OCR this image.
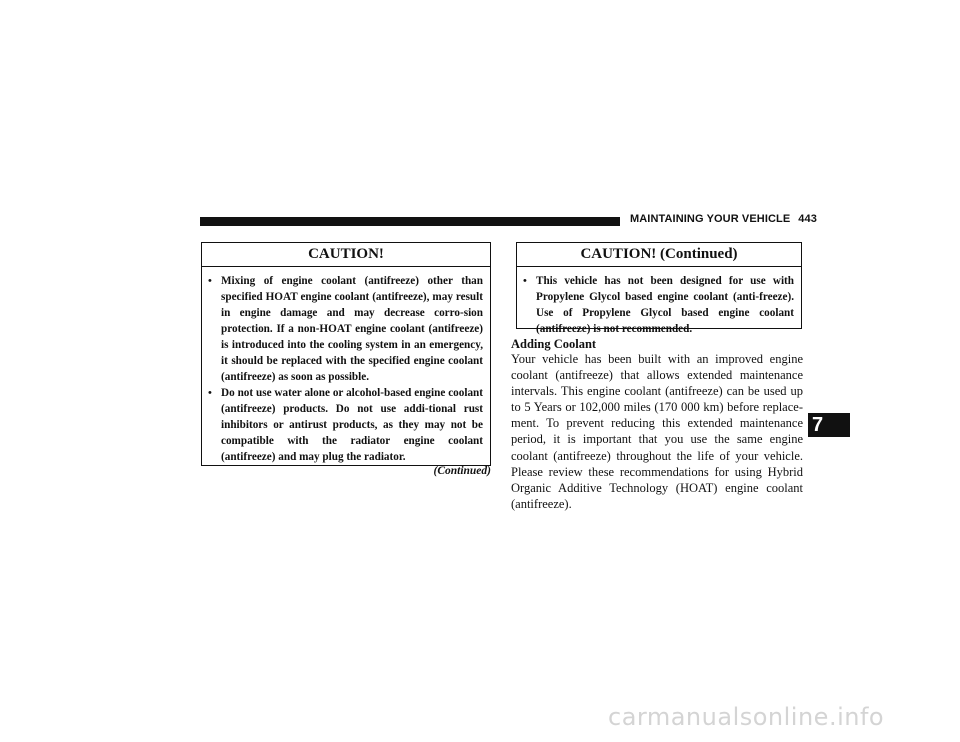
MAINTAINING YOUR VEHICLE 443
CAUTION!
• Mixing of engine coolant (antifreeze) other than specified HOAT engine coolant (antifreeze), may result in engine damage and may decrease corro-sion protection. If a non-HOAT engine coolant (antifreeze) is introduced into the cooling system in an emergency, it should be replaced with the specified engine coolant (antifreeze) as soon as possible.
• Do not use water alone or alcohol-based engine coolant (antifreeze) products. Do not use addi-tional rust inhibitors or antirust products, as they may not be compatible with the radiator engine coolant (antifreeze) and may plug the radiator.
(Continued)
CAUTION! (Continued)
• This vehicle has not been designed for use with Propylene Glycol based engine coolant (anti-freeze). Use of Propylene Glycol based engine coolant (antifreeze) is not recommended.
Adding Coolant

Your vehicle has been built with an improved engine coolant (antifreeze) that allows extended maintenance intervals. This engine coolant (antifreeze) can be used up to 5 Years or 102,000 miles (170 000 km) before replace-ment. To prevent reducing this extended maintenance period, it is important that you use the same engine coolant (antifreeze) throughout the life of your vehicle. Please review these recommendations for using Hybrid Organic Additive Technology (HOAT) engine coolant (antifreeze).

7
carmanualsonline.info
